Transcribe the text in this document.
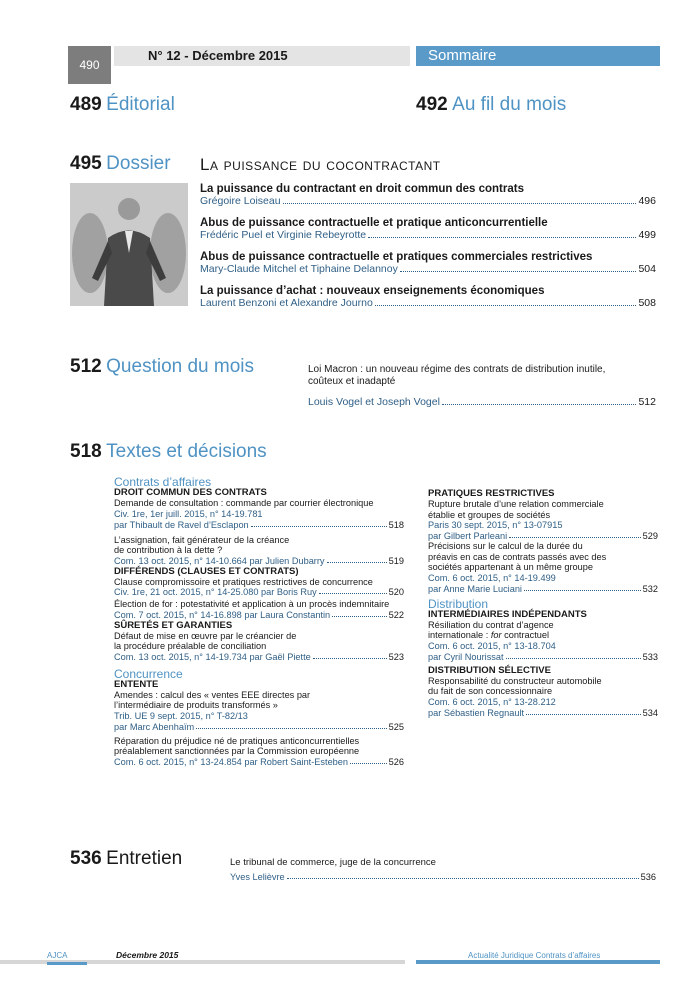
490
N° 12 - Décembre 2015	Sommaire
489 Éditorial	492 Au fil du mois
495 Dossier La puissance du cocontractant
La puissance du contractant en droit commun des contrats
Grégoire Loiseau	496
Abus de puissance contractuelle et pratique anticoncurrentielle
Frédéric Puel et Virginie Rebeyrotte	499
Abus de puissance contractuelle et pratiques commerciales restrictives
Mary-Claude Mitchel et Tiphaine Delannoy	504
La puissance d’achat : nouveaux enseignements économiques
Laurent Benzoni et Alexandre Journo	508
512 Question du mois	Loi Macron : un nouveau régime des contrats de distribution inutile,
coûteux et inadapté
Louis Vogel et Joseph Vogel	512
518 Textes et décisions
Contrats d’affaires
DROIT COMMUN DES CONTRATS
Demande de consultation : commande par courrier électronique
Civ. 1re, 1er juill. 2015, n° 14-19.781
par Thibault de Ravel d’Esclapon	518
L’assignation, fait générateur de la créance
de contribution à la dette ?
Com. 13 oct. 2015, n° 14-10.664 par Julien Dubarry	519
DIFFÉRENDS (CLAUSES ET CONTRATS)
Clause compromissoire et pratiques restrictives de concurrence
Civ. 1re, 21 oct. 2015, n° 14-25.080 par Boris Ruy	520
Élection de for : potestativité et application à un procès indemnitaire
Com. 7 oct. 2015, n° 14-16.898 par Laura Constantin	522
SÛRETÉS ET GARANTIES
Défaut de mise en œuvre par le créancier de
la procédure préalable de conciliation
Com. 13 oct. 2015, n° 14-19.734 par Gaël Piette	523
Concurrence
ENTENTE
Amendes : calcul des « ventes EEE directes par
l’intermédiaire de produits transformés »
Trib. UE 9 sept. 2015, n° T-82/13
par Marc Abenhaïm	525
Réparation du préjudice né de pratiques anticoncurrentielles
préalablement sanctionnées par la Commission européenne
Com. 6 oct. 2015, n° 13-24.854 par Robert Saint-Esteben	526
PRATIQUES RESTRICTIVES
Rupture brutale d’une relation commerciale
établie et groupes de sociétés
Paris 30 sept. 2015, n° 13-07915
par Gilbert Parleani	529
Précisions sur le calcul de la durée du
préavis en cas de contrats passés avec des
sociétés appartenant à un même groupe
Com. 6 oct. 2015, n° 14-19.499
par Anne Marie Luciani	532
Distribution
INTERMÉDIAIRES INDÉPENDANTS
Résiliation du contrat d’agence
internationale : for contractuel
Com. 6 oct. 2015, n° 13-18.704
par Cyril Nourissat	533
DISTRIBUTION SÉLECTIVE
Responsabilité du constructeur automobile
du fait de son concessionnaire
Com. 6 oct. 2015, n° 13-28.212
par Sébastien Regnault	534
536 Entretien	Le tribunal de commerce, juge de la concurrence
Yves Lelièvre	536
AJCA	Décembre 2015	Actualité Juridique Contrats d’affaires
